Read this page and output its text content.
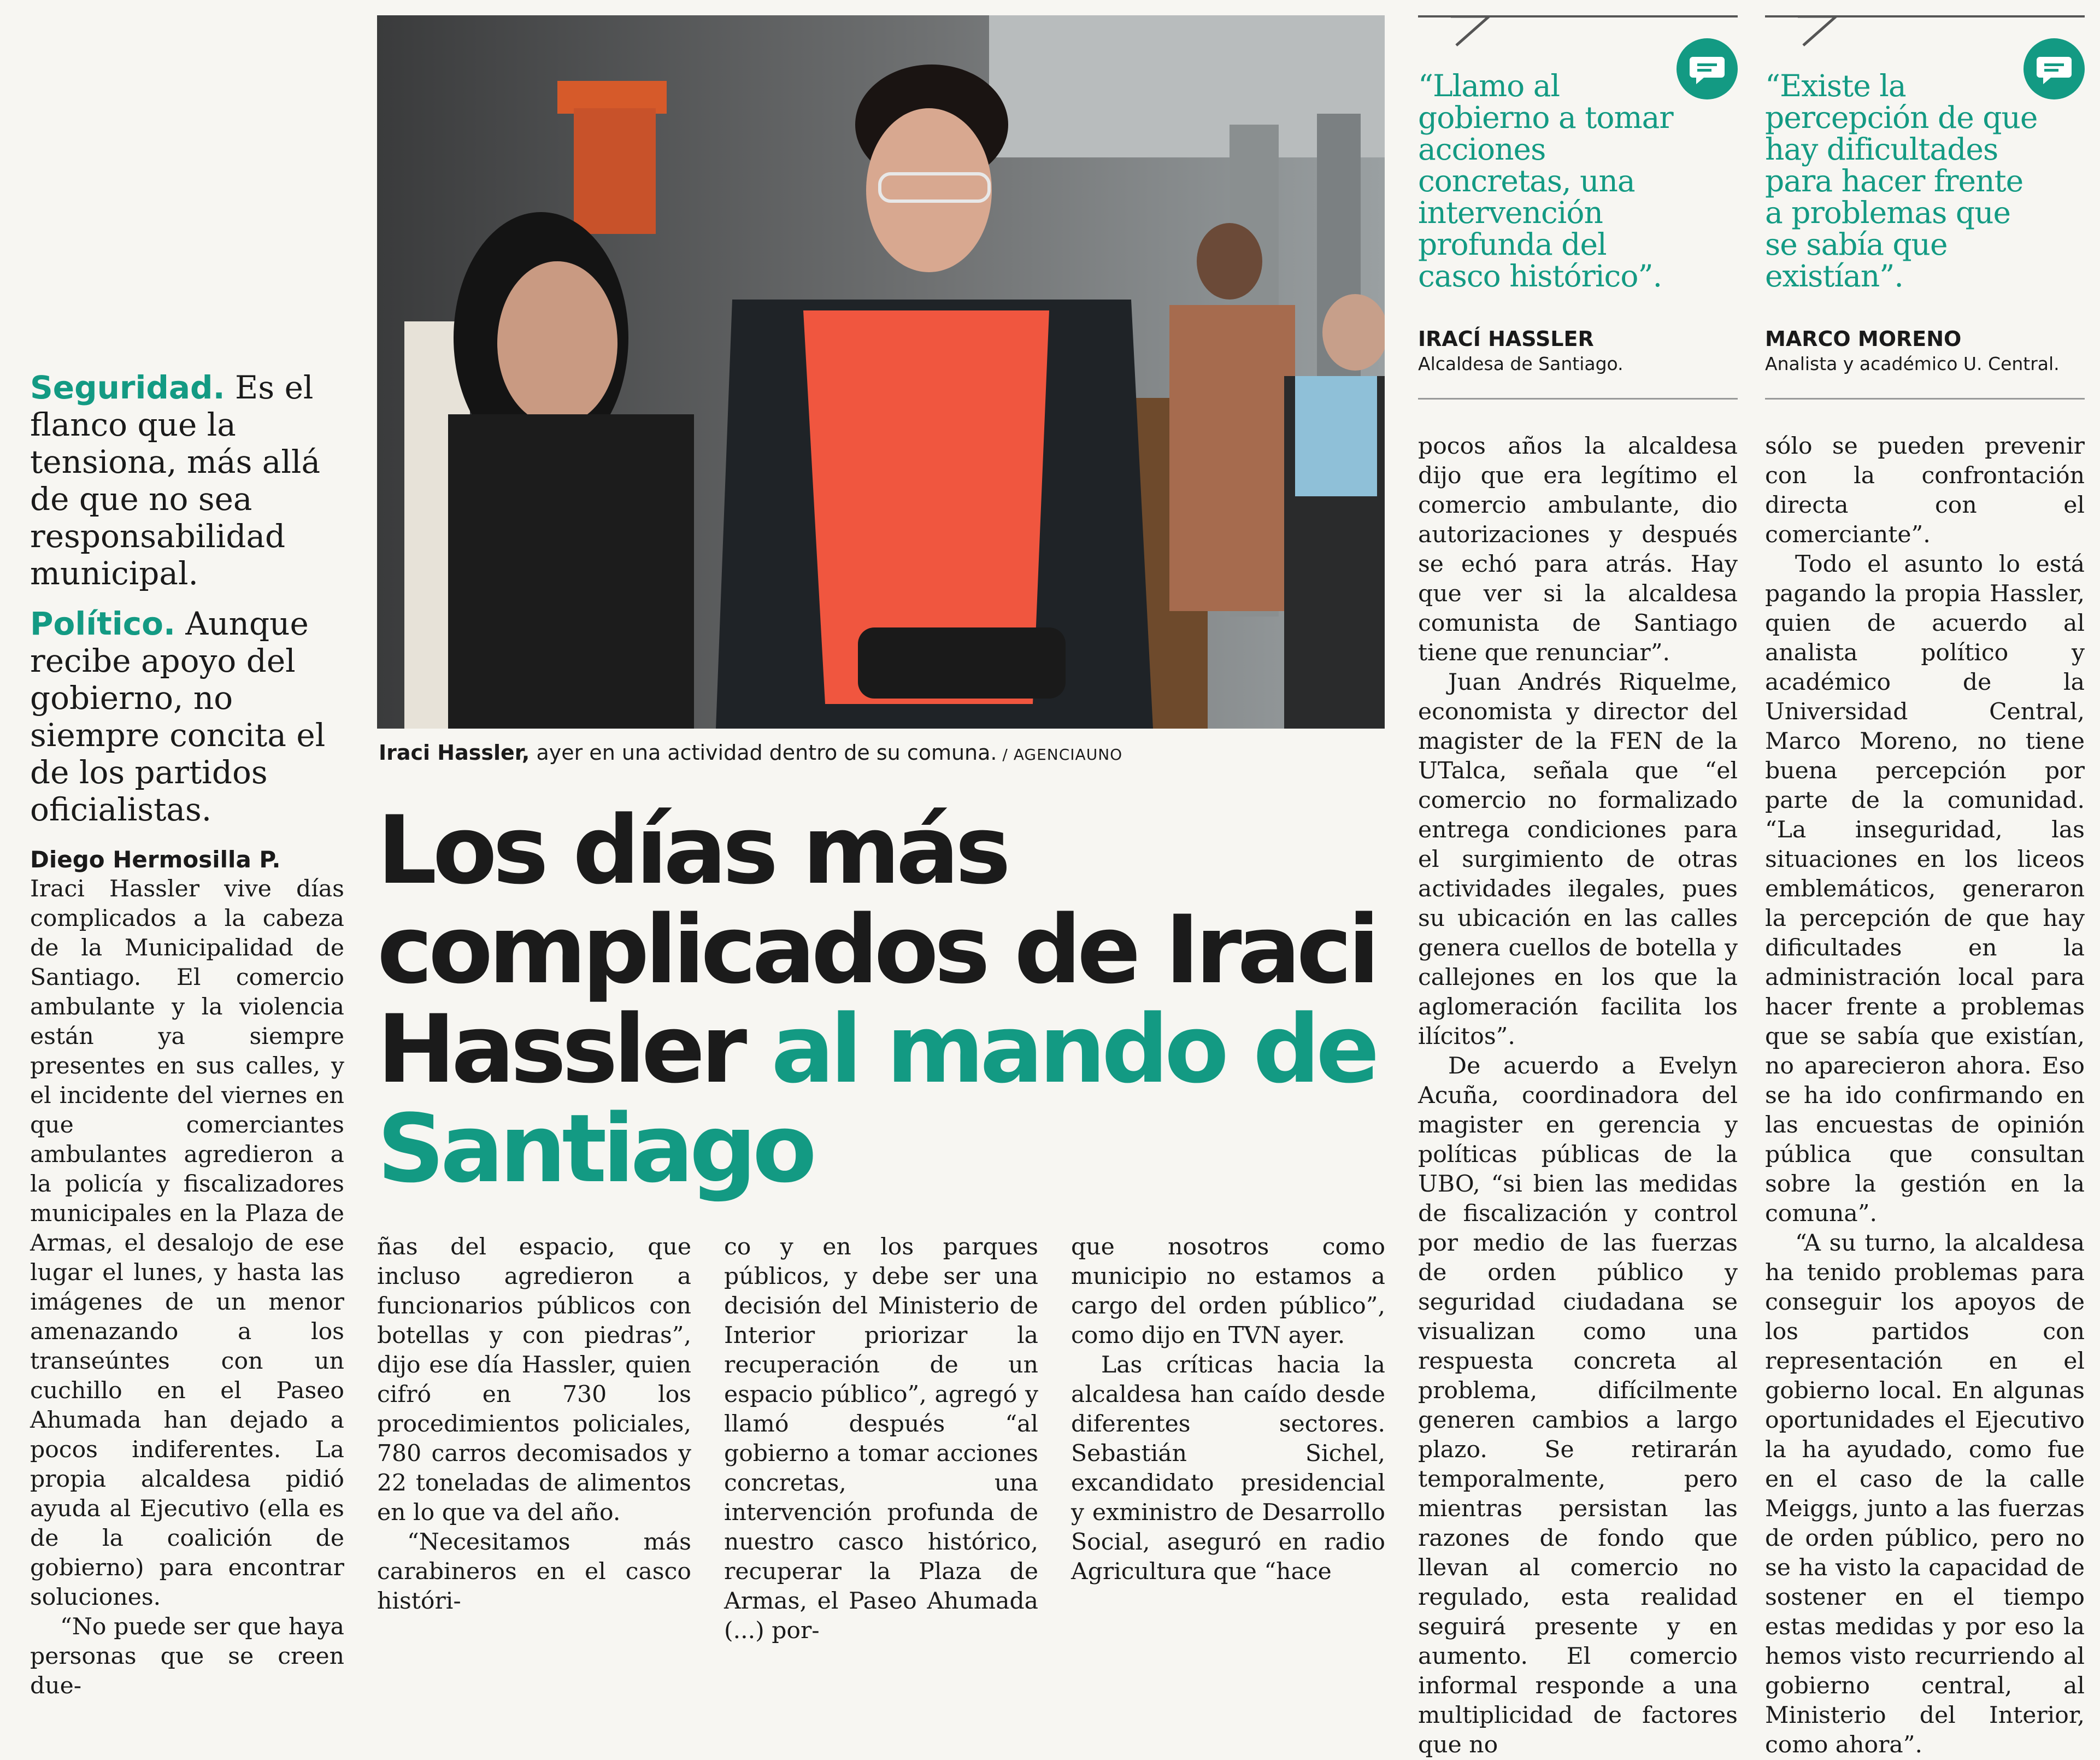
Seguridad. Es el flanco que la tensiona, más allá de que no sea responsabilidad municipal.
Político. Aunque recibe apoyo del gobierno, no siempre concita el de los partidos oficialistas.
Diego Hermosilla P.

Iraci Hassler vive días complicados a la cabeza de la Municipalidad de Santiago. El comercio ambulante y la violencia están ya siempre presentes en sus calles, y el incidente del viernes en que comerciantes ambulantes agredieron a la policía y fiscalizadores municipales en la Plaza de Armas, el desalojo de ese lugar el lunes, y hasta las imágenes de un menor amenazando a los transeúntes con un cuchillo en el Paseo Ahumada han dejado a pocos indiferentes. La propia alcaldesa pidió ayuda al Ejecutivo (ella es de la coalición de gobierno) para encontrar soluciones.

“No puede ser que haya personas que se creen due-

Iraci Hassler, ayer en una actividad dentro de su comuna. / AGENCIAUNO
Los días más complicados de Iraci Hassler al mando de Santiago

ñas del espacio, que incluso agredieron a funcionarios públicos con botellas y con piedras”, dijo ese día Hassler, quien cifró en 730 los procedimientos policiales, 780 carros decomisados y 22 toneladas de alimentos en lo que va del año.

“Necesitamos más carabineros en el casco históri-

co y en los parques públicos, y debe ser una decisión del Ministerio de Interior priorizar la recuperación de un espacio público”, agregó y llamó después “al gobierno a tomar acciones concretas, una intervención profunda de nuestro casco histórico, recuperar la Plaza de Armas, el Paseo Ahumada (...) por-

que nosotros como municipio no estamos a cargo del orden público”, como dijo en TVN ayer.

Las críticas hacia la alcaldesa han caído desde diferentes sectores. Sebastián Sichel, excandidato presidencial y exministro de Desarrollo Social, aseguró en radio Agricultura que “hace

“Llamo al gobierno a tomar acciones concretas, una intervención profunda del casco histórico”.
IRACÍ HASSLER
Alcaldesa de Santiago.
“Existe la percepción de que hay dificultades para hacer frente a problemas que se sabía que existían”.
MARCO MORENO
Analista y académico U. Central.

pocos años la alcaldesa dijo que era legítimo el comercio ambulante, dio autorizaciones y después se echó para atrás. Hay que ver si la alcaldesa comunista de Santiago tiene que renunciar”.

Juan Andrés Riquelme, economista y director del magister de la FEN de la UTalca, señala que “el comercio no formalizado entrega condiciones para el surgimiento de otras actividades ilegales, pues su ubicación en las calles genera cuellos de botella y callejones en los que la aglomeración facilita los ilícitos”.

De acuerdo a Evelyn Acuña, coordinadora del magister en gerencia y políticas públicas de la UBO, “si bien las medidas de fiscalización y control por medio de las fuerzas de orden público y seguridad ciudadana se visualizan como una respuesta concreta al problema, difícilmente generen cambios a largo plazo. Se retirarán temporalmente, pero mientras persistan las razones de fondo que llevan al comercio no regulado, esta realidad seguirá presente y en aumento. El comercio informal responde a una multiplicidad de factores que no

sólo se pueden prevenir con la confrontación directa con el comerciante”.

Todo el asunto lo está pagando la propia Hassler, quien de acuerdo al analista político y académico de la Universidad Central, Marco Moreno, no tiene buena percepción por parte de la comunidad. “La inseguridad, las situaciones en los liceos emblemáticos, generaron la percepción de que hay dificultades en la administración local para hacer frente a problemas que se sabía que existían, no aparecieron ahora. Eso se ha ido confirmando en las encuestas de opinión pública que consultan sobre la gestión en la comuna”.

“A su turno, la alcaldesa ha tenido problemas para conseguir los apoyos de los partidos con representación en el gobierno local. En algunas oportunidades el Ejecutivo la ha ayudado, como fue en el caso de la calle Meiggs, junto a las fuerzas de orden público, pero no se ha visto la capacidad de sostener en el tiempo estas medidas y por eso la hemos visto recurriendo al gobierno central, al Ministerio del Interior, como ahora”.
